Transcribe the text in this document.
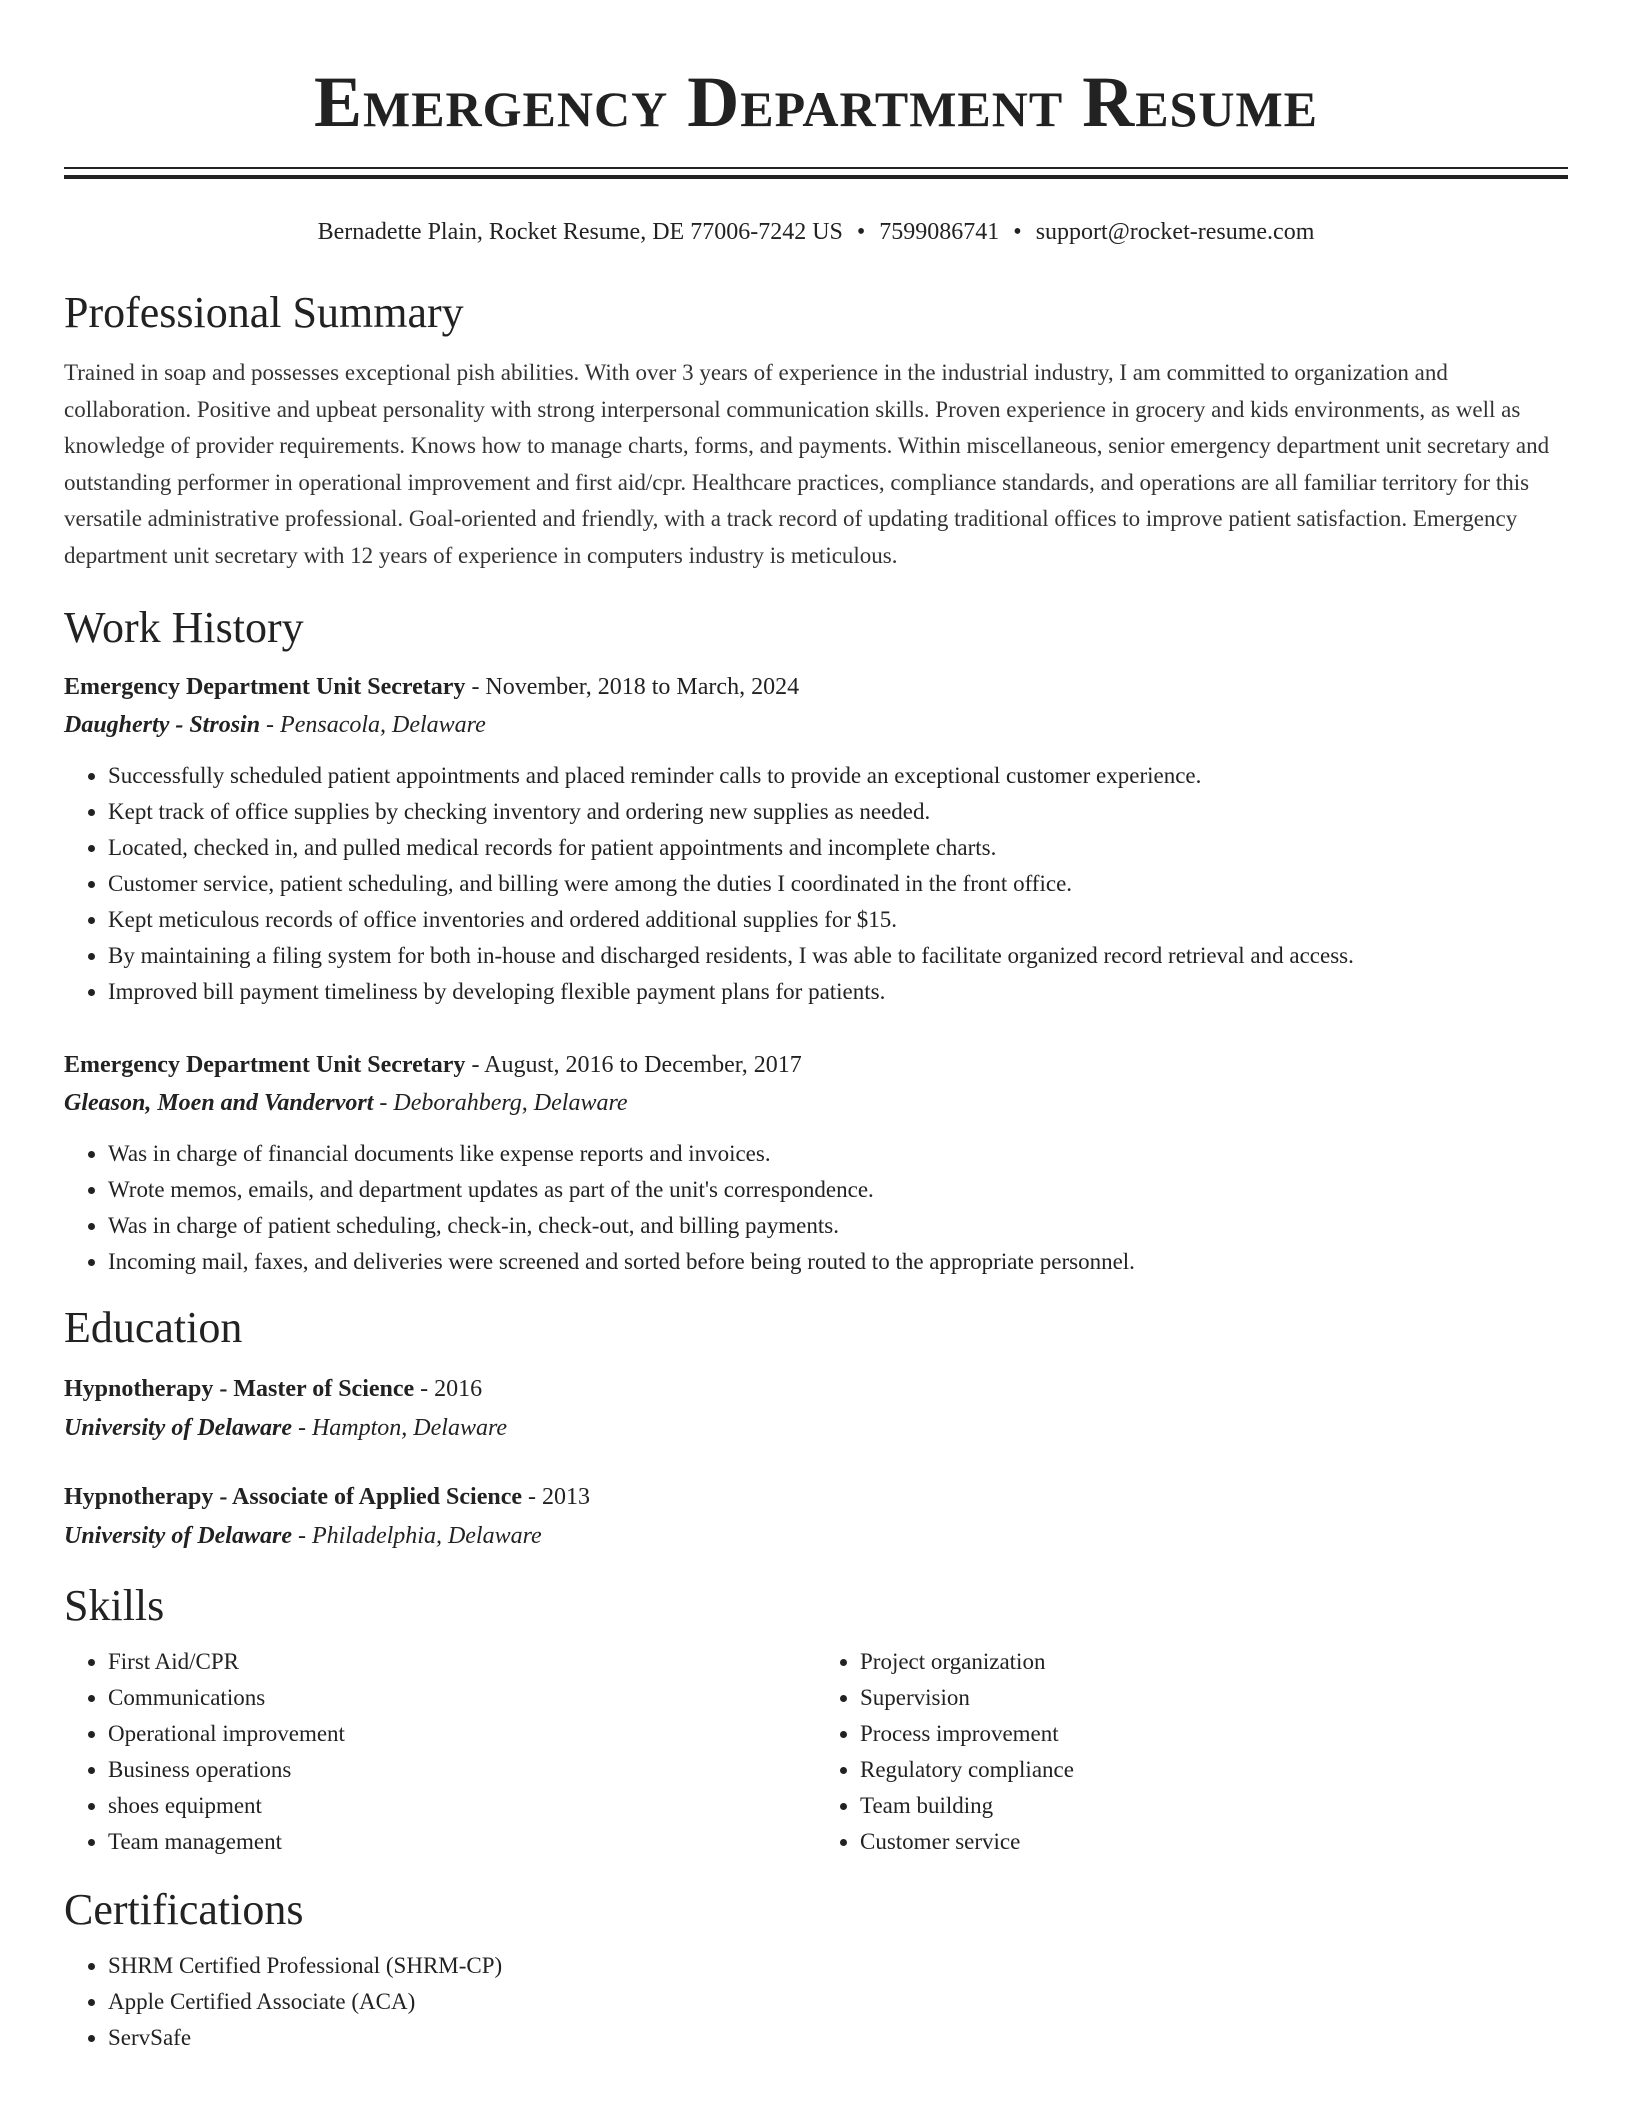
Emergency Department Resume
Bernadette Plain, Rocket Resume, DE 77006-7242 US • 7599086741 • support@rocket-resume.com
Professional Summary

Trained in soap and possesses exceptional pish abilities. With over 3 years of experience in the industrial industry, I am committed to organization and collaboration. Positive and upbeat personality with strong interpersonal communication skills. Proven experience in grocery and kids environments, as well as knowledge of provider requirements. Knows how to manage charts, forms, and payments. Within miscellaneous, senior emergency department unit secretary and outstanding performer in operational improvement and first aid/cpr. Healthcare practices, compliance standards, and operations are all familiar territory for this versatile administrative professional. Goal-oriented and friendly, with a track record of updating traditional offices to improve patient satisfaction. Emergency department unit secretary with 12 years of experience in computers industry is meticulous.

Work History
Emergency Department Unit Secretary - November, 2018 to March, 2024
Daugherty - Strosin - Pensacola, Delaware
• Successfully scheduled patient appointments and placed reminder calls to provide an exceptional customer experience.
• Kept track of office supplies by checking inventory and ordering new supplies as needed.
• Located, checked in, and pulled medical records for patient appointments and incomplete charts.
• Customer service, patient scheduling, and billing were among the duties I coordinated in the front office.
• Kept meticulous records of office inventories and ordered additional supplies for $15.
• By maintaining a filing system for both in-house and discharged residents, I was able to facilitate organized record retrieval and access.
• Improved bill payment timeliness by developing flexible payment plans for patients.
Emergency Department Unit Secretary - August, 2016 to December, 2017
Gleason, Moen and Vandervort - Deborahberg, Delaware
• Was in charge of financial documents like expense reports and invoices.
• Wrote memos, emails, and department updates as part of the unit's correspondence.
• Was in charge of patient scheduling, check-in, check-out, and billing payments.
• Incoming mail, faxes, and deliveries were screened and sorted before being routed to the appropriate personnel.
Education
Hypnotherapy - Master of Science - 2016
University of Delaware - Hampton, Delaware
Hypnotherapy - Associate of Applied Science - 2013
University of Delaware - Philadelphia, Delaware
Skills
• First Aid/CPR
• Communications
• Operational improvement
• Business operations
• shoes equipment
• Team management
• Project organization
• Supervision
• Process improvement
• Regulatory compliance
• Team building
• Customer service
Certifications
• SHRM Certified Professional (SHRM-CP)
• Apple Certified Associate (ACA)
• ServSafe
